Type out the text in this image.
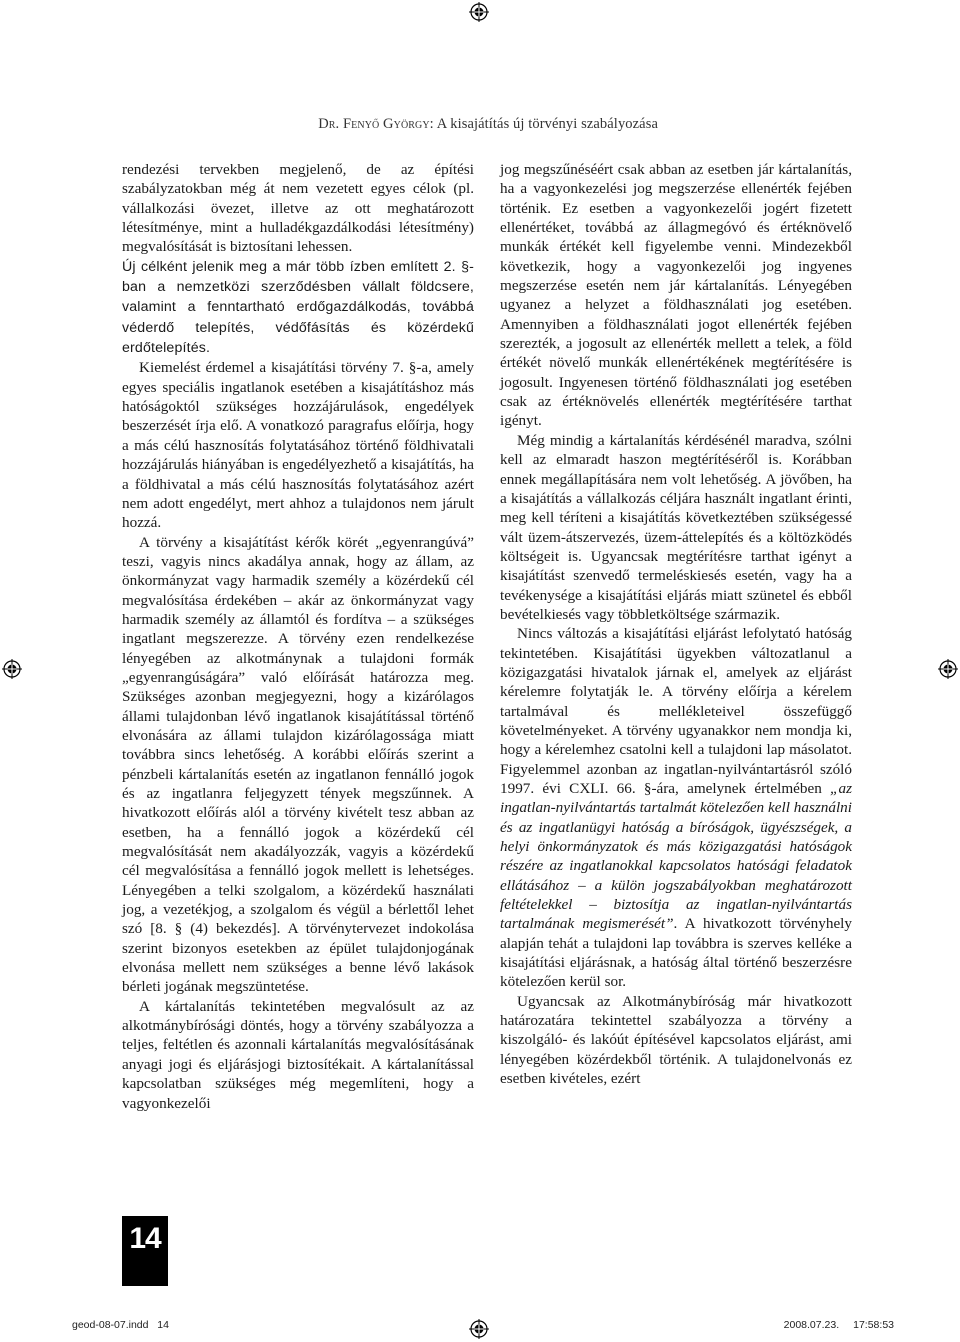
Dr. Fenyő György: A kisajátítás új törvényi szabályozása

rendezési tervekben megjelenő, de az építési szabályzatokban még át nem vezetett egyes célok (pl. vállalkozási övezet, illetve az ott meghatározott létesítménye, mint a hulladékgazdálkodási létesítmény) megvalósítását is biztosítani lehessen.
Új célként jelenik meg a már több ízben említett 2. §-ban a nemzetközi szerződésben vállalt földcsere, valamint a fenntartható erdőgazdálkodás, továbbá véderdő telepítés, védőfásítás és közérdekű erdőtelepítés.

Kiemelést érdemel a kisajátítási törvény 7. §-a, amely egyes speciális ingatlanok esetében a kisajátításhoz más hatóságoktól szükséges hozzájárulások, engedélyek beszerzését írja elő. A vonatkozó paragrafus előírja, hogy a más célú hasznosítás folytatásához történő földhivatali hozzájárulás hiányában is engedélyezhető a kisajátítás, ha a földhivatal a más célú hasznosítás folytatásához azért nem adott engedélyt, mert ahhoz a tulajdonos nem járult hozzá.

A törvény a kisajátítást kérők körét „egyenrangúvá” teszi, vagyis nincs akadálya annak, hogy az állam, az önkormányzat vagy harmadik személy a közérdekű cél megvalósítása érdekében – akár az önkormányzat vagy harmadik személy az államtól és fordítva – a szükséges ingatlant megszerezze. A törvény ezen rendelkezése lényegében az alkotmánynak a tulajdoni formák „egyenrangúságára” való előírását határozza meg. Szükséges azonban megjegyezni, hogy a kizárólagos állami tulajdonban lévő ingatlanok kisajátítással történő elvonására az állami tulajdon kizárólagossága miatt továbbra sincs lehetőség. A korábbi előírás szerint a pénzbeli kártalanítás esetén az ingatlanon fennálló jogok és az ingatlanra feljegyzett tények megszűnnek. A hivatkozott előírás alól a törvény kivételt tesz abban az esetben, ha a fennálló jogok a közérdekű cél megvalósítását nem akadályozzák, vagyis a közérdekű cél megvalósítása a fennálló jogok mellett is lehetséges. Lényegében a telki szolgalom, a közérdekű használati jog, a vezetékjog, a szolgalom és végül a bérlettől lehet szó [8. § (4) bekezdés]. A törvénytervezet indokolása szerint bizonyos esetekben az épület tulajdonjogának elvonása mellett nem szükséges a benne lévő lakások bérleti jogának megszüntetése.

A kártalanítás tekintetében megvalósult az az alkotmánybírósági döntés, hogy a törvény szabályozza a teljes, feltétlen és azonnali kártalanítás megvalósításának anyagi jogi és eljárásjogi biztosítékait. A kártalanítással kapcsolatban szükséges még megemlíteni, hogy a vagyonkezelői

jog megszűnéséért csak abban az esetben jár kártalanítás, ha a vagyonkezelési jog megszerzése ellenérték fejében történik. Ez esetben a vagyonkezelői jogért fizetett ellenértéket, továbbá az állagmegóvó és értéknövelő munkák értékét kell figyelembe venni. Mindezekből következik, hogy a vagyonkezelői jog ingyenes megszerzése esetén nem jár kártalanítás. Lényegében ugyanez a helyzet a földhasználati jog esetében. Amennyiben a földhasználati jogot ellenérték fejében szerezték, a jogosult az ellenérték mellett a telek, a föld értékét növelő munkák ellenértékének megtérítésére is jogosult. Ingyenesen történő földhasználati jog esetében csak az értéknövelés ellenérték megtérítésére tarthat igényt.

Még mindig a kártalanítás kérdésénél maradva, szólni kell az elmaradt haszon megtérítéséről is. Korábban ennek megállapítására nem volt lehetőség. A jövőben, ha a kisajátítás a vállalkozás céljára használt ingatlant érinti, meg kell téríteni a kisajátítás következtében szükségessé vált üzem-átszervezés, üzem-áttelepítés és a költözködés költségeit is. Ugyancsak megtérítésre tarthat igényt a kisajátítást szenvedő termeléskiesés esetén, vagy ha a tevékenysége a kisajátítási eljárás miatt szünetel és ebből bevételkiesés vagy többletköltsége származik.

Nincs változás a kisajátítási eljárást lefolytató hatóság tekintetében. Kisajátítási ügyekben változatlanul a közigazgatási hivatalok járnak el, amelyek az eljárást kérelemre folytatják le. A törvény előírja a kérelem tartalmával és mellékleteivel összefüggő követelményeket. A törvény ugyanakkor nem mondja ki, hogy a kérelemhez csatolni kell a tulajdoni lap másolatot. Figyelemmel azonban az ingatlan-nyilvántartásról szóló 1997. évi CXLI. 66. §-ára, amelynek értelmében „az ingatlan-nyilvántartás tartalmát kötelezően kell használni és az ingatlanügyi hatóság a bíróságok, ügyészségek, a helyi önkormányzatok és más közigazgatási hatóságok részére az ingatlanokkal kapcsolatos hatósági feladatok ellátásához – a külön jogszabályokban meghatározott feltételekkel – biztosítja az ingatlan-nyilvántartás tartalmának megismerését”. A hivatkozott törvényhely alapján tehát a tulajdoni lap továbbra is szerves kelléke a kisajátítási eljárásnak, a hatóság által történő beszerzésre kötelezően kerül sor.

Ugyancsak az Alkotmánybíróság már hivatkozott határozatára tekintettel szabályozza a törvény a kiszolgáló- és lakóút építésével kapcsolatos eljárást, ami lényegében közérdekből történik. A tulajdonelvonás ez esetben kivételes, ezért

14
geod-08-07.indd   14	2008.07.23. 17:58:53
